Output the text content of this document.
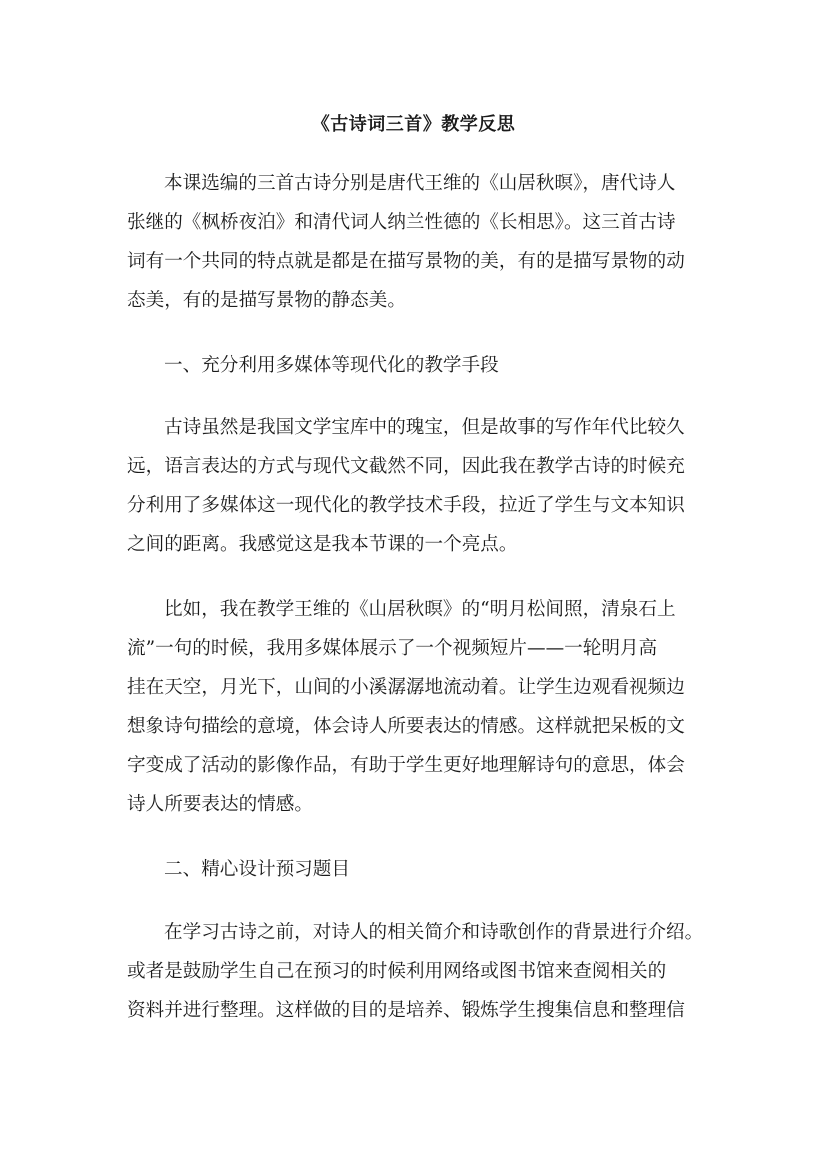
《古诗词三首》教学反思
本课选编的三首古诗分别是唐代王维的《山居秋暝》，唐代诗人
张继的《枫桥夜泊》和清代词人纳兰性德的《长相思》。这三首古诗
词有一个共同的特点就是都是在描写景物的美，有的是描写景物的动
态美，有的是描写景物的静态美。
一、充分利用多媒体等现代化的教学手段
古诗虽然是我国文学宝库中的瑰宝，但是故事的写作年代比较久
远，语言表达的方式与现代文截然不同，因此我在教学古诗的时候充
分利用了多媒体这一现代化的教学技术手段，拉近了学生与文本知识
之间的距离。我感觉这是我本节课的一个亮点。
比如，我在教学王维的《山居秋暝》的“明月松间照，清泉石上
流”一句的时候，我用多媒体展示了一个视频短片——一轮明月高
挂在天空，月光下，山间的小溪潺潺地流动着。让学生边观看视频边
想象诗句描绘的意境，体会诗人所要表达的情感。这样就把呆板的文
字变成了活动的影像作品，有助于学生更好地理解诗句的意思，体会
诗人所要表达的情感。
二、精心设计预习题目
在学习古诗之前，对诗人的相关简介和诗歌创作的背景进行介绍。
或者是鼓励学生自己在预习的时候利用网络或图书馆来查阅相关的
资料并进行整理。这样做的目的是培养、锻炼学生搜集信息和整理信
